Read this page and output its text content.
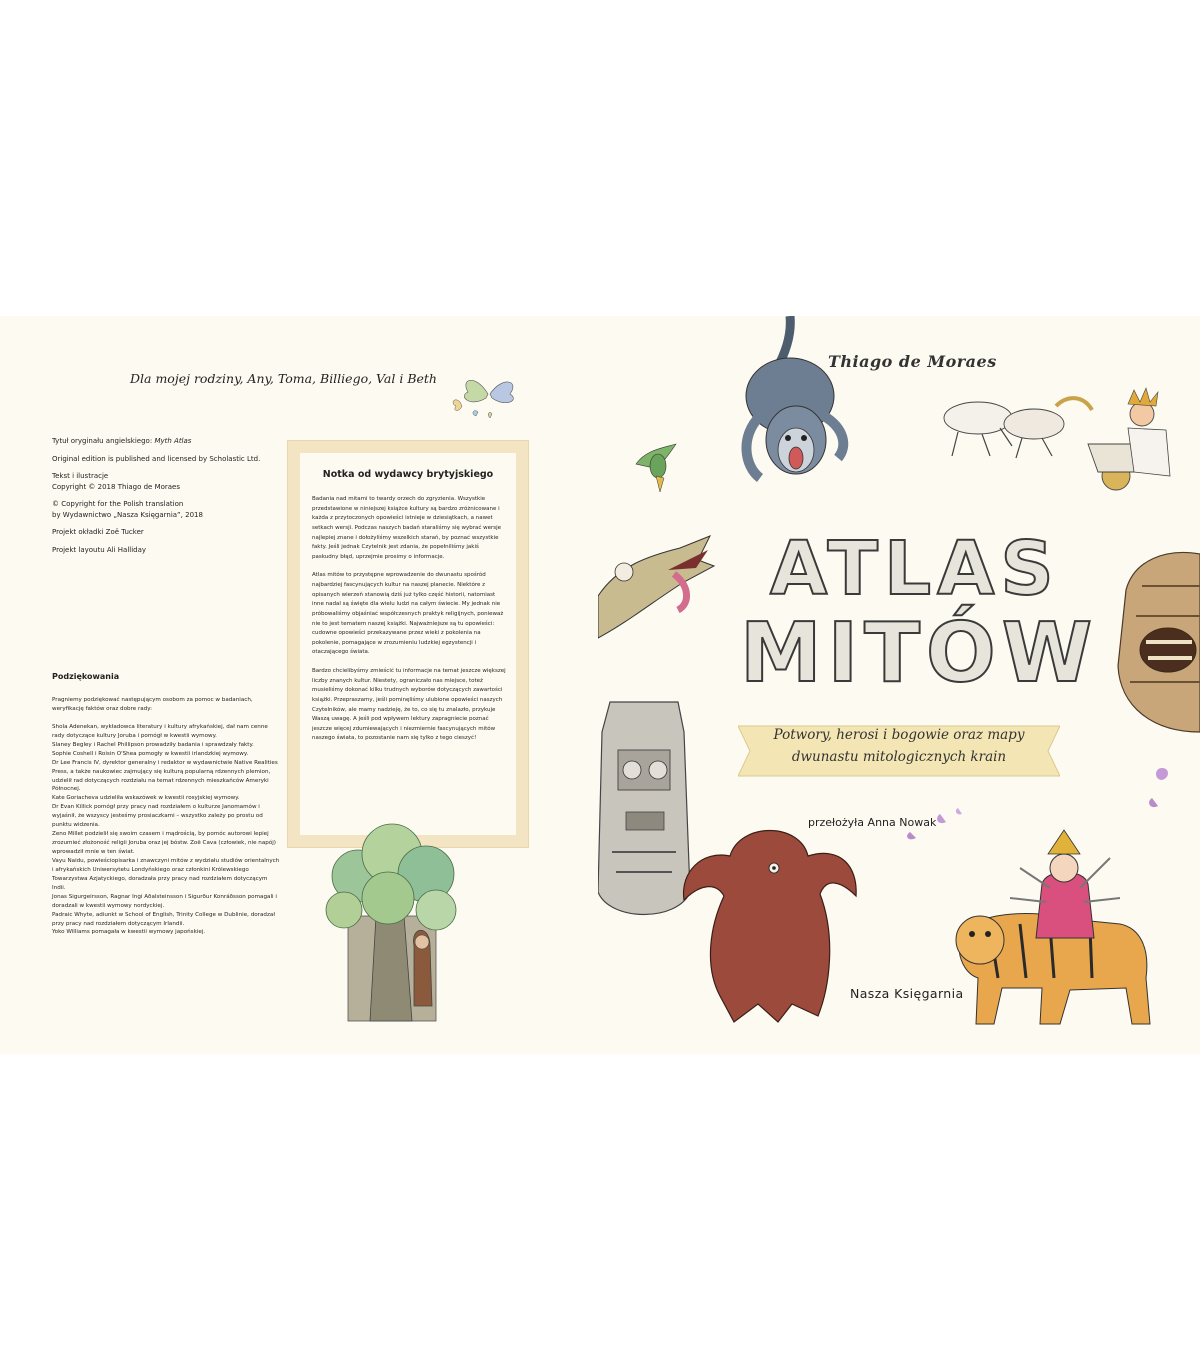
Dla mojej rodziny, Any, Toma, Billiego, Val i Beth

Tytuł oryginału angielskiego: Myth Atlas

Original edition is published and licensed by Scholastic Ltd.

Tekst i ilustracje
Copyright © 2018 Thiago de Moraes
© Copyright for the Polish translation
by Wydawnictwo „Nasza Księgarnia”, 2018

Projekt okładki Zoë Tucker

Projekt layoutu Ali Halliday

Podziękowania

Pragniemy podziękować następującym osobom za pomoc w badaniach, weryfikację faktów oraz dobre rady:

Shola Adenekan, wykładowca literatury i kultury afrykańskiej, dał nam cenne rady dotyczące kultury Joruba i pomógł w kwestii wymowy.

Slaney Begley i Rachel Phillipson prowadziły badania i sprawdzały fakty.

Sophie Coshell i Roisin O'Shea pomogły w kwestii irlandzkiej wymowy.

Dr Lee Francis IV, dyrektor generalny i redaktor w wydawnictwie Native Realities Press, a także naukowiec zajmujący się kulturą popularną rdzennych plemion, udzielił rad dotyczących rozdziału na temat rdzennych mieszkańców Ameryki Północnej.

Kate Goriacheva udzieliła wskazówek w kwestii rosyjskiej wymowy.

Dr Evan Killick pomógł przy pracy nad rozdziałem o kulturze Janomamów i wyjaśnił, że wszyscy jesteśmy prosiaczkami – wszystko zależy po prostu od punktu widzenia.

Zeno Millet podzielił się swoim czasem i mądrością, by pomóc autorowi lepiej zrozumieć złożoność religii Joruba oraz jej bóstw. Zoë Cava (człowiek, nie napój) wprowadził mnie w ten świat.

Vayu Naidu, powieściopisarka i znawczyni mitów z wydziału studiów orientalnych i afrykańskich Uniwersytetu Londyńskiego oraz członkini Królewskiego Towarzystwa Azjatyckiego, doradzała przy pracy nad rozdziałem dotyczącym Indii.

Jonas Sigurgeirsson, Ragnar Ingi Aðalsteinsson i Sigurður Konráðsson pomagali i doradzali w kwestii wymowy nordyckiej.

Padraic Whyte, adiunkt w School of English, Trinity College w Dublinie, doradzał przy pracy nad rozdziałem dotyczącym Irlandii.

Yoko Williams pomagała w kwestii wymowy japońskiej.

Notka od wydawcy brytyjskiego

Badania nad mitami to twardy orzech do zgryzienia. Wszystkie przedstawione w niniejszej książce kultury są bardzo zróżnicowane i każda z przytoczonych opowieści istnieje w dziesiątkach, a nawet setkach wersji. Podczas naszych badań staraliśmy się wybrać wersje najlepiej znane i dołożyliśmy wszelkich starań, by poznać wszystkie fakty. Jeśli jednak Czytelnik jest zdania, że popełniliśmy jakiś paskudny błąd, uprzejmie prosimy o informacje.

Atlas mitów to przystępne wprowadzenie do dwunastu spośród najbardziej fascynujących kultur na naszej planecie. Niektóre z opisanych wierzeń stanowią dziś już tylko część historii, natomiast inne nadal są święte dla wielu ludzi na całym świecie. My jednak nie próbowaliśmy objaśniać współczesnych praktyk religijnych, ponieważ nie to jest tematem naszej książki. Najważniejsze są tu opowieści: cudowne opowieści przekazywane przez wieki z pokolenia na pokolenie, pomagające w zrozumieniu ludzkiej egzystencji i otaczającego świata.

Bardzo chcielibyśmy zmieścić tu informacje na temat jeszcze większej liczby znanych kultur. Niestety, ograniczało nas miejsce, toteż musieliśmy dokonać kilku trudnych wyborów dotyczących zawartości książki. Przepraszamy, jeśli pominęliśmy ulubione opowieści naszych Czytelników, ale mamy nadzieję, że to, co się tu znalazło, przykuje Waszą uwagę. A jeśli pod wpływem lektury zapragniecie poznać jeszcze więcej zdumiewających i niezmiernie fascynujących mitów naszego świata, to pozostanie nam się tylko z tego cieszyć!

Thiago de Moraes
ATLAS
MITÓW
Potwory, herosi i bogowie oraz mapy
dwunastu mitologicznych krain
przełożyła Anna Nowak
Nasza Księgarnia
